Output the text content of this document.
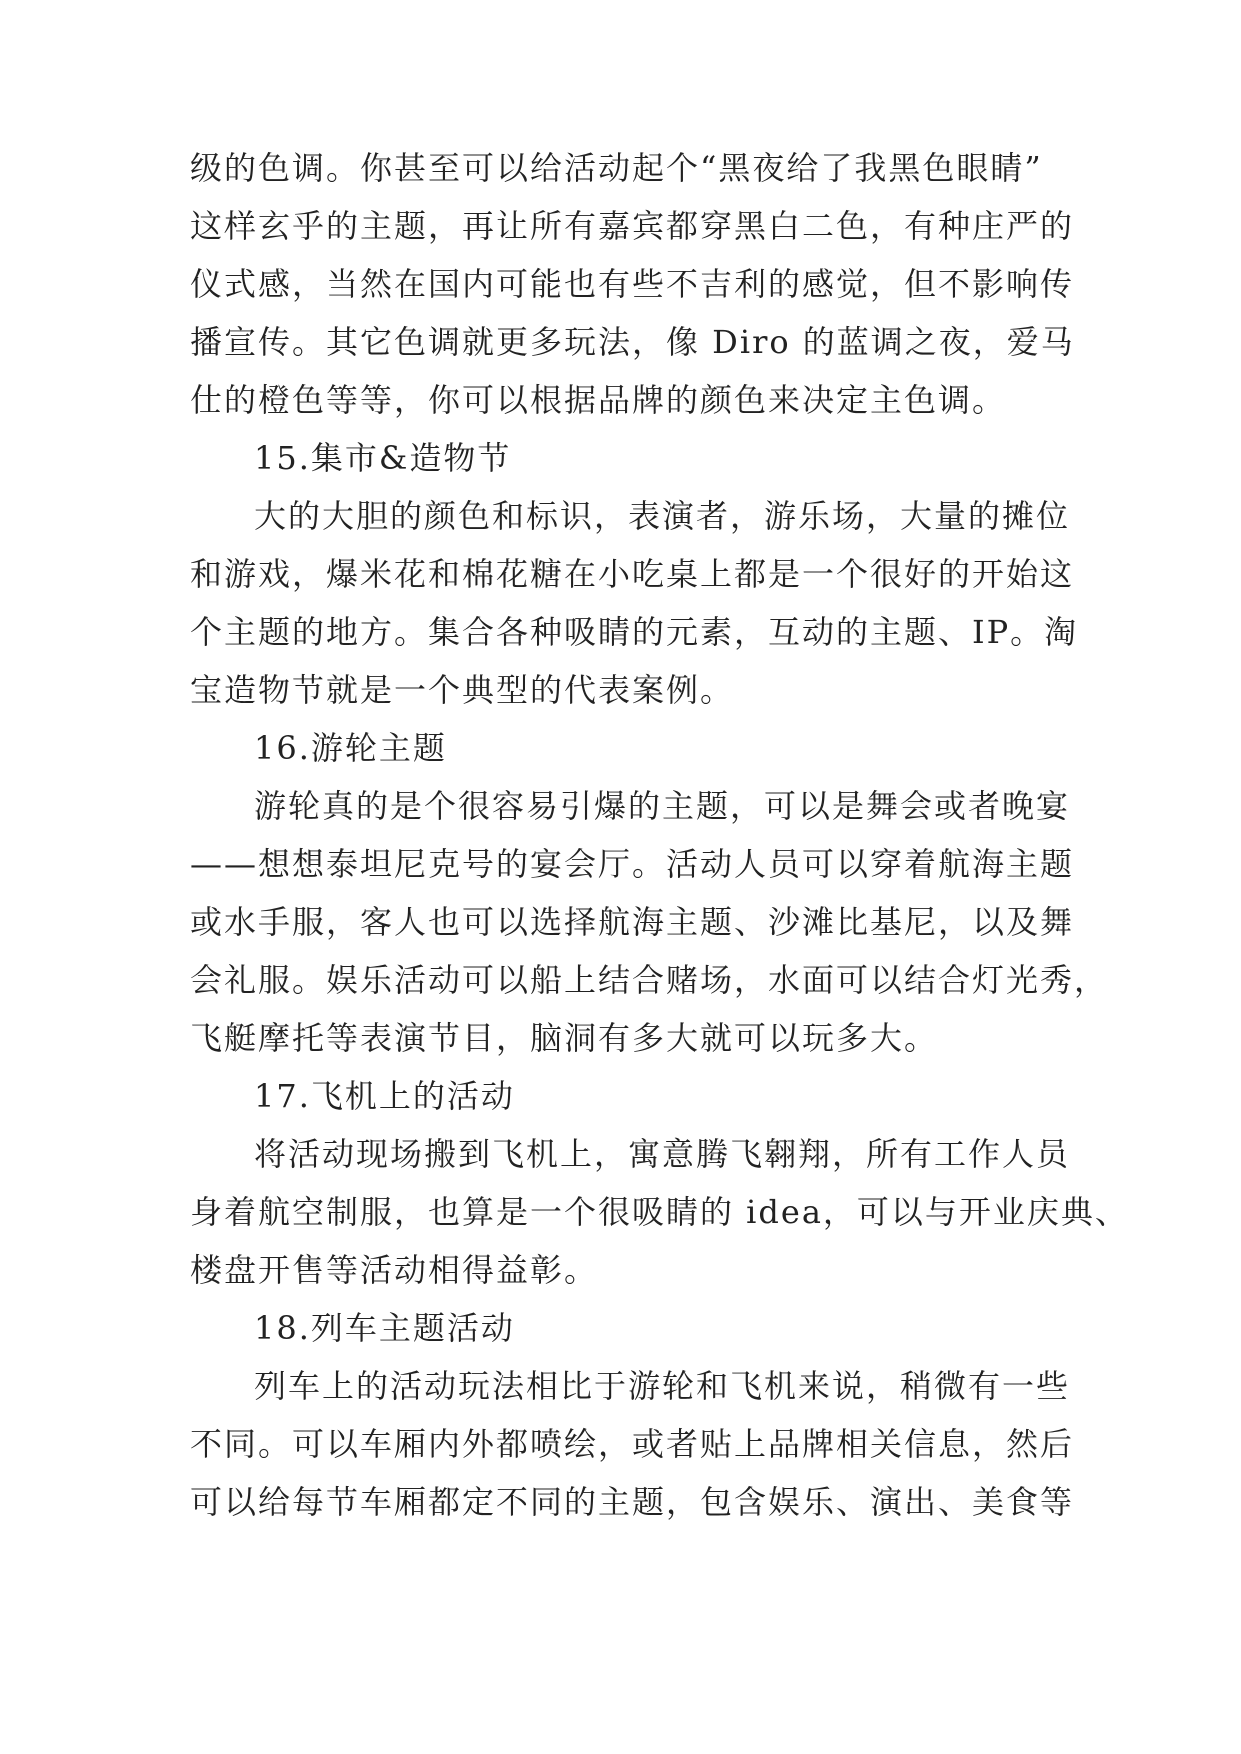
级的色调。你甚至可以给活动起个“黑夜给了我黑色眼睛”
这样玄乎的主题，再让所有嘉宾都穿黑白二色，有种庄严的
仪式感，当然在国内可能也有些不吉利的感觉，但不影响传
播宣传。其它色调就更多玩法，像 Diro 的蓝调之夜，爱马
仕的橙色等等，你可以根据品牌的颜色来决定主色调。
15.集市&造物节
大的大胆的颜色和标识，表演者，游乐场，大量的摊位
和游戏，爆米花和棉花糖在小吃桌上都是一个很好的开始这
个主题的地方。集合各种吸睛的元素，互动的主题、IP。淘
宝造物节就是一个典型的代表案例。
16.游轮主题
游轮真的是个很容易引爆的主题，可以是舞会或者晚宴
——想想泰坦尼克号的宴会厅。活动人员可以穿着航海主题
或水手服，客人也可以选择航海主题、沙滩比基尼，以及舞
会礼服。娱乐活动可以船上结合赌场，水面可以结合灯光秀，
飞艇摩托等表演节目，脑洞有多大就可以玩多大。
17.飞机上的活动
将活动现场搬到飞机上，寓意腾飞翱翔，所有工作人员
身着航空制服，也算是一个很吸睛的 idea，可以与开业庆典、
楼盘开售等活动相得益彰。
18.列车主题活动
列车上的活动玩法相比于游轮和飞机来说，稍微有一些
不同。可以车厢内外都喷绘，或者贴上品牌相关信息，然后
可以给每节车厢都定不同的主题，包含娱乐、演出、美食等
